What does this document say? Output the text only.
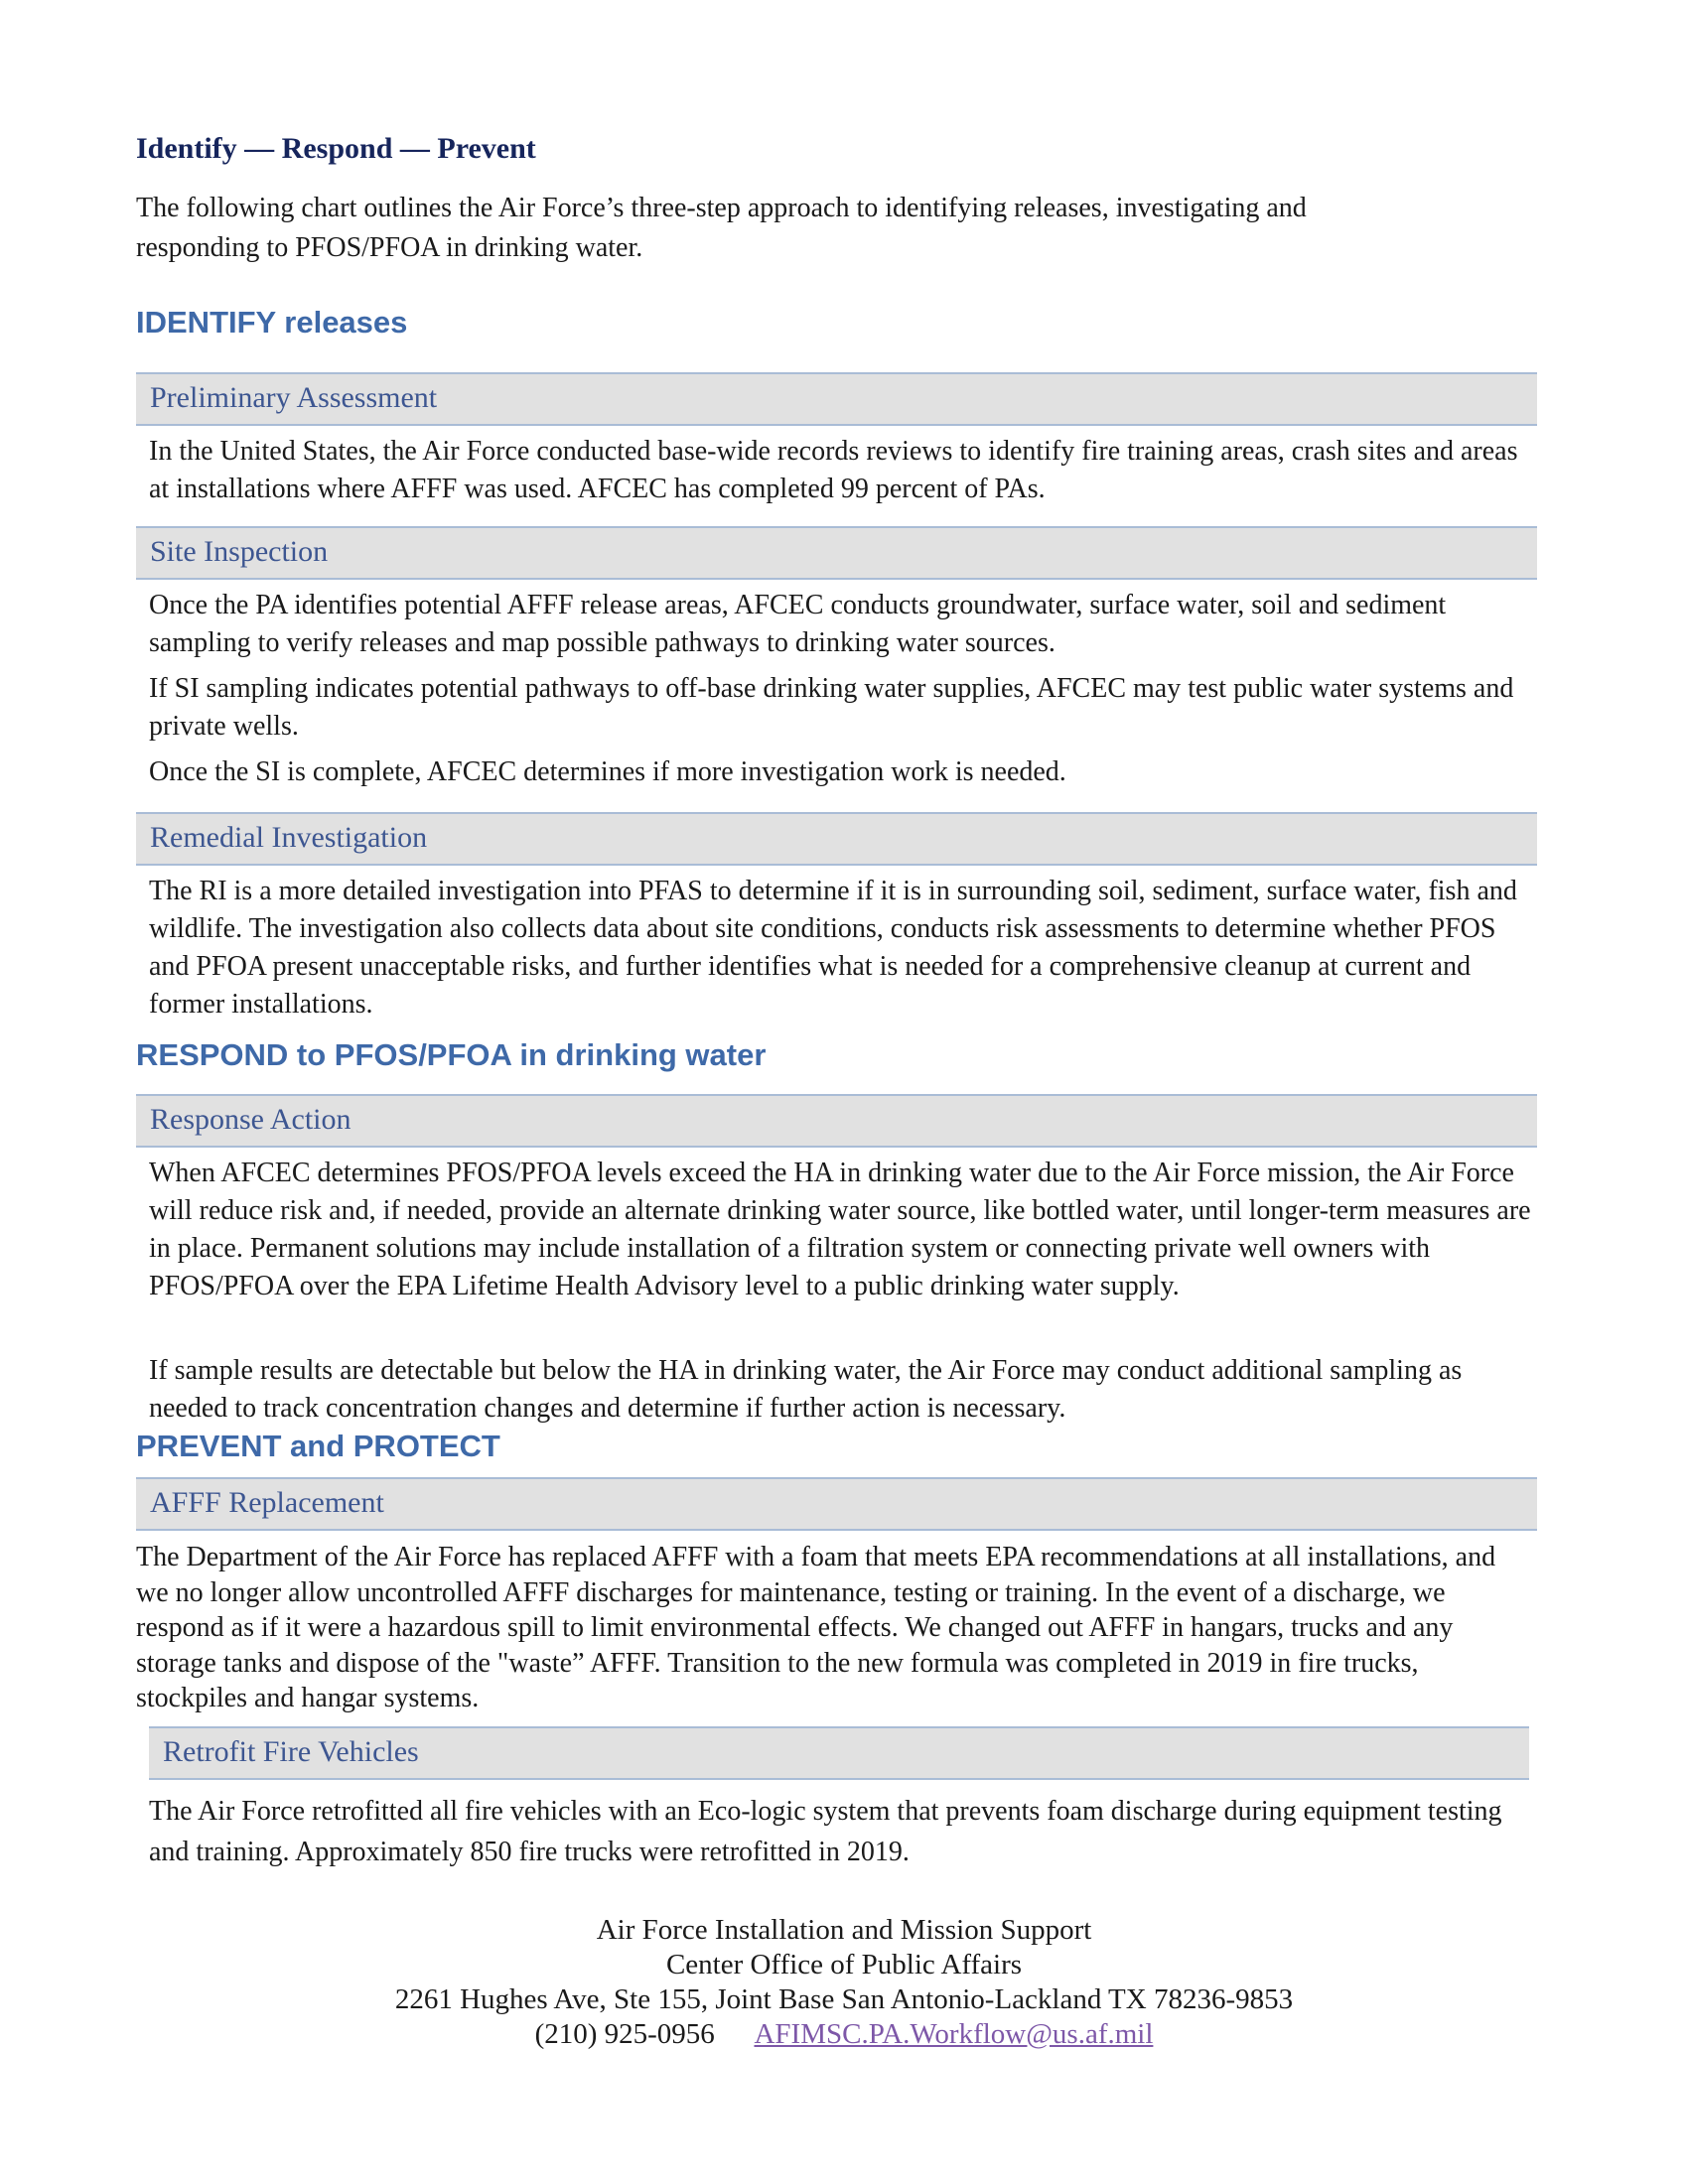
Identify — Respond — Prevent
The following chart outlines the Air Force’s three-step approach to identifying releases, investigating and responding to PFOS/PFOA in drinking water.
IDENTIFY releases
Preliminary Assessment
In the United States, the Air Force conducted base-wide records reviews to identify fire training areas, crash sites and areas at installations where AFFF was used. AFCEC has completed 99 percent of PAs.
Site Inspection
Once the PA identifies potential AFFF release areas, AFCEC conducts groundwater, surface water, soil and sediment sampling to verify releases and map possible pathways to drinking water sources.
If SI sampling indicates potential pathways to off-base drinking water supplies, AFCEC may test public water systems and private wells.
Once the SI is complete, AFCEC determines if more investigation work is needed.
Remedial Investigation
The RI is a more detailed investigation into PFAS to determine if it is in surrounding soil, sediment, surface water, fish and wildlife. The investigation also collects data about site conditions, conducts risk assessments to determine whether PFOS and PFOA present unacceptable risks, and further identifies what is needed for a comprehensive cleanup at current and former installations.
RESPOND to PFOS/PFOA in drinking water
Response Action
When AFCEC determines PFOS/PFOA levels exceed the HA in drinking water due to the Air Force mission, the Air Force will reduce risk and, if needed, provide an alternate drinking water source, like bottled water, until longer-term measures are in place. Permanent solutions may include installation of a filtration system or connecting private well owners with PFOS/PFOA over the EPA Lifetime Health Advisory level to a public drinking water supply.
If sample results are detectable but below the HA in drinking water, the Air Force may conduct additional sampling as needed to track concentration changes and determine if further action is necessary.
PREVENT and PROTECT
AFFF Replacement
The Department of the Air Force has replaced AFFF with a foam that meets EPA recommendations at all installations, and we no longer allow uncontrolled AFFF discharges for maintenance, testing or training. In the event of a discharge, we respond as if it were a hazardous spill to limit environmental effects. We changed out AFFF in hangars, trucks and any storage tanks and dispose of the "waste” AFFF. Transition to the new formula was completed in 2019 in fire trucks, stockpiles and hangar systems.
Retrofit Fire Vehicles
The Air Force retrofitted all fire vehicles with an Eco-logic system that prevents foam discharge during equipment testing and training. Approximately 850 fire trucks were retrofitted in 2019.
Air Force Installation and Mission Support
Center Office of Public Affairs
2261 Hughes Ave, Ste 155, Joint Base San Antonio-Lackland TX 78236-9853
(210) 925-0956 AFIMSC.PA.Workflow@us.af.mil
